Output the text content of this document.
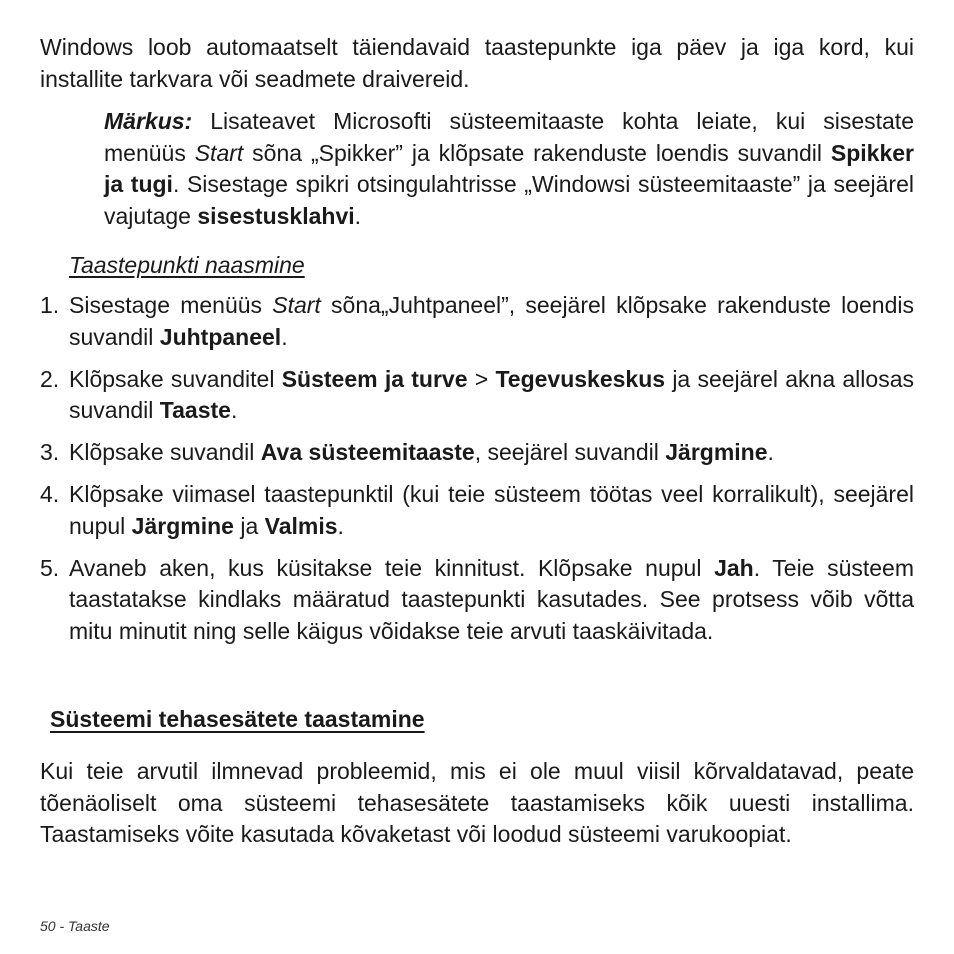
Windows loob automaatselt täiendavaid taastepunkte iga päev ja iga kord, kui installite tarkvara või seadmete draivereid.

Märkus: Lisateavet Microsofti süsteemitaaste kohta leiate, kui sisestate menüüs Start sõna „Spikker” ja klõpsate rakenduste loendis suvandil Spikker ja tugi. Sisestage spikri otsingulahtrisse „Windowsi süsteemitaaste” ja seejärel vajutage sisestusklahvi.

Taastepunkti naasmine

1. Sisestage menüüs Start sõna„Juhtpaneel”, seejärel klõpsake rakenduste loendis suvandil Juhtpaneel.

2. Klõpsake suvanditel Süsteem ja turve > Tegevuskeskus ja seejärel akna allosas suvandil Taaste.

3. Klõpsake suvandil Ava süsteemitaaste, seejärel suvandil Järgmine.

4. Klõpsake viimasel taastepunktil (kui teie süsteem töötas veel korralikult), seejärel nupul Järgmine ja Valmis.

5. Avaneb aken, kus küsitakse teie kinnitust. Klõpsake nupul Jah. Teie süsteem taastatakse kindlaks määratud taastepunkti kasutades. See protsess võib võtta mitu minutit ning selle käigus võidakse teie arvuti taaskäivitada.

Süsteemi tehasesätete taastamine

Kui teie arvutil ilmnevad probleemid, mis ei ole muul viisil kõrvaldatavad, peate tõenäoliselt oma süsteemi tehasesätete taastamiseks kõik uuesti installima. Taastamiseks võite kasutada kõvaketast või loodud süsteemi varukoopiat.

50 - Taaste
